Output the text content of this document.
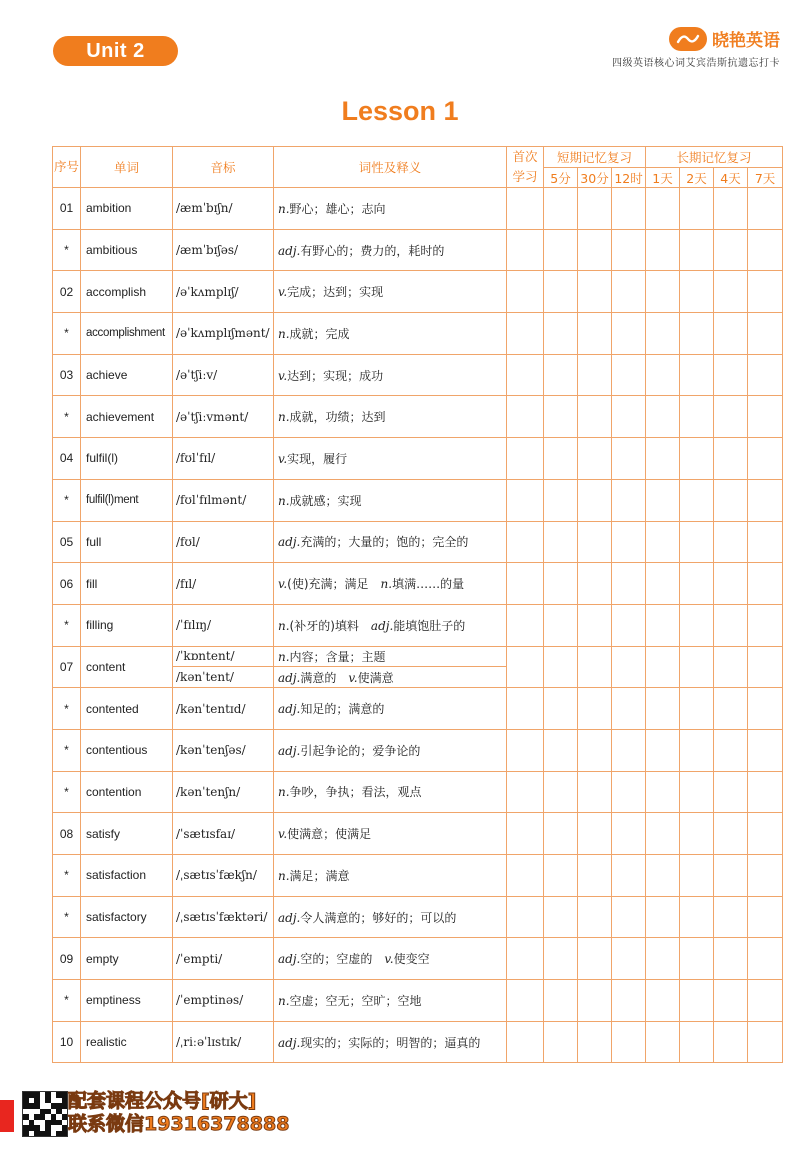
Unit 2	晓艳英语
四级英语核心词艾宾浩斯抗遗忘打卡
Lesson 1
序号	单词	音标	词性及释义	首次学习	短期记忆复习			长期记忆复习			
					5分	30分	12时	1天	2天	4天	7天
01	ambition	/æmˈbɪʃn/	n.野心；雄心；志向								
*	ambitious	/æmˈbɪʃəs/	adj.有野心的；费力的，耗时的								
02	accomplish	/əˈkʌmplɪʃ/	v.完成；达到；实现								
*	accomplishment	/əˈkʌmplɪʃmənt/	n.成就；完成								
03	achieve	/əˈtʃiːv/	v.达到；实现；成功								
*	achievement	/əˈtʃiːvmənt/	n.成就，功绩；达到								
04	fulfil(l)	/fʊlˈfɪl/	v.实现，履行								
*	fulfil(l)ment	/fʊlˈfɪlmənt/	n.成就感；实现								
05	full	/fʊl/	adj.充满的；大量的；饱的；完全的								
06	fill	/fɪl/	v.(使)充满；满足  n.填满……的量								
*	filling	/ˈfɪlɪŋ/	n.(补牙的)填料  adj.能填饱肚子的								
07	content	/ˈkɒntent/	n.内容；含量；主题								
		/kənˈtent/	adj.满意的  v.使满意								
*	contented	/kənˈtentɪd/	adj.知足的；满意的								
*	contentious	/kənˈtenʃəs/	adj.引起争论的；爱争论的								
*	contention	/kənˈtenʃn/	n.争吵，争执；看法，观点								
08	satisfy	/ˈsætɪsfaɪ/	v.使满意；使满足								
*	satisfaction	/ˌsætɪsˈfækʃn/	n.满足；满意								
*	satisfactory	/ˌsætɪsˈfæktəri/	adj.令人满意的；够好的；可以的								
09	empty	/ˈempti/	adj.空的；空虚的  v.使变空								
*	emptiness	/ˈemptinəs/	n.空虚；空无；空旷；空地								
10	realistic	/ˌriːəˈlɪstɪk/	adj.现实的；实际的；明智的；逼真的								
配套课程公众号[研大]
联系微信19316378888
